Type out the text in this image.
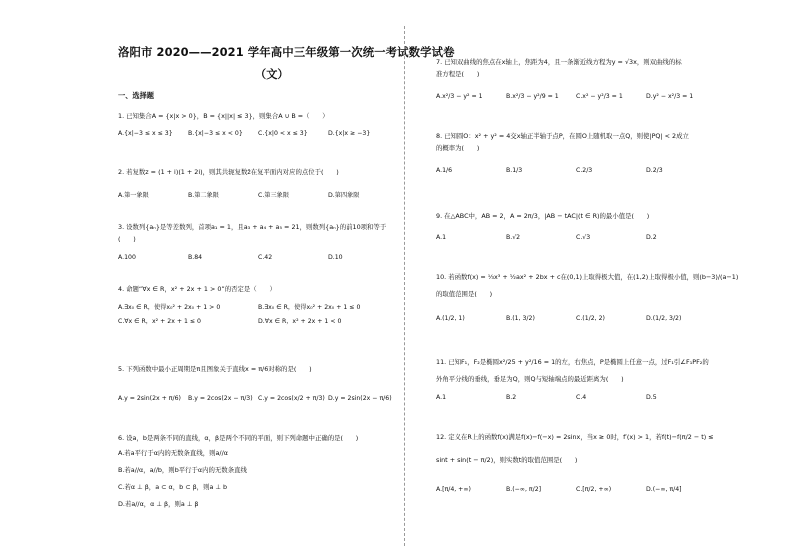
洛阳市 2020——2021 学年高中三年级第一次统一考试数学试卷
（文）
一、选择题
1. 已知集合A = {x|x > 0}，B = {x||x| ≤ 3}，则集合A ∪ B =（　　）
A.{x|−3 ≤ x ≤ 3} B.{x|−3 ≤ x < 0} C.{x|0 < x ≤ 3}	D.{x|x ≥ −3}
2. 若复数z = (1 + i)(1 + 2i)，则其共轭复数z̄在复平面内对应的点位于(　　)
A.第一象限	B.第二象限	C.第三象限	D.第四象限
3. 设数列{aₙ}是等差数列，首项a₁ = 1，且a₃ + a₄ + a₅ = 21，则数列{aₙ}的前10项和等于
(　　)
A.100	B.84	C.42	D.10
4. 命题“∀x ∈ R，x² + 2x + 1 > 0”的否定是（　　）
A.∃x₀ ∈ R，使得x₀² + 2x₀ + 1 > 0	B.∃x₀ ∈ R，使得x₀² + 2x₀ + 1 ≤ 0
C.∀x ∈ R，x² + 2x + 1 ≤ 0	D.∀x ∈ R，x² + 2x + 1 < 0
5. 下列函数中最小正周期是π且图象关于直线x = π/6对称的是(　　)
A.y = 2sin(2x + π/6) B.y = 2cos(2x − π/3) C.y = 2cos(x/2 + π/3) D.y = 2sin(2x − π/6)
6. 设a，b是两条不同的直线，α，β是两个不同的平面，则下列命题中正确的是(　　)
A.若a平行于α内的无数条直线，则a//α
B.若a//α，a//b，则b平行于α内的无数条直线
C.若α ⊥ β，a ⊂ α，b ⊂ β，则a ⊥ b
D.若a//α，α ⊥ β，则a ⊥ β
7. 已知双曲线的焦点在x轴上，焦距为4，且一条渐近线方程为y = √3x，则双曲线的标
准方程是(　　)
A.x²/3 − y² = 1	B.x²/3 − y²/9 = 1	C.x² − y²/3 = 1	D.y² − x²/3 = 1
8. 已知圆O：x² + y² = 4交x轴正半轴于点P，在圆O上随机取一点Q，则使|PQ| < 2成立
的概率为(　　)
A.1/6	B.1/3	C.2/3	D.2/3
9. 在△ABC中，AB = 2，A = 2π/3，|AB − tAC|(t ∈ R)的最小值是(　　)
A.1	B.√2	C.√3	D.2
10. 若函数f(x) = ⅓x³ + ½ax² + 2bx + c在(0,1)上取得极大值，在(1,2)上取得极小值，则(b−3)/(a−1)
的取值范围是(　　)
A.(1/2, 1)	B.(1, 3/2)	C.(1/2, 2)	D.(1/2, 3/2)
11. 已知F₁，F₂是椭圆x²/25 + y²/16 = 1的左，右焦点，P是椭圆上任意一点，过F₁引∠F₁PF₂的
外角平分线的垂线，垂足为Q，则Q与短轴端点的最近距离为(　　)
A.1	B.2	C.4	D.5
12. 定义在R上的函数f(x)满足f(x)−f(−x) = 2sinx，当x ≥ 0时，f′(x) > 1，若f(t)−f(π/2 − t) ≤
sint + sin(t − π/2)，则实数t的取值范围是(　　)
A.[π/4, +∞)	B.(−∞, π/2]	C.[π/2, +∞)	D.(−∞, π/4]
